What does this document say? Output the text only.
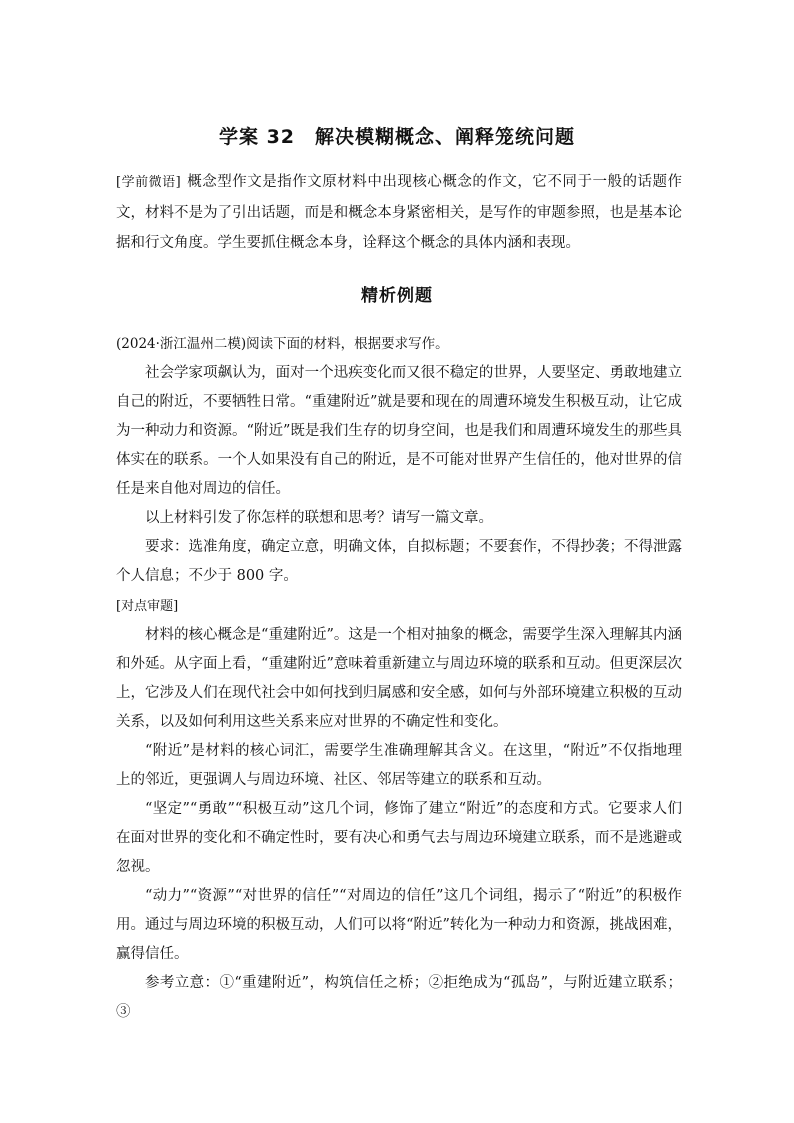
学案 32 解决模糊概念、阐释笼统问题
[学前微语] 概念型作文是指作文原材料中出现核心概念的作文，它不同于一般的话题作文，材料不是为了引出话题，而是和概念本身紧密相关，是写作的审题参照，也是基本论据和行文角度。学生要抓住概念本身，诠释这个概念的具体内涵和表现。
精析例题

(2024·浙江温州二模)阅读下面的材料，根据要求写作。

社会学家项飙认为，面对一个迅疾变化而又很不稳定的世界，人要坚定、勇敢地建立自己的附近，不要牺牲日常。“重建附近”就是要和现在的周遭环境发生积极互动，让它成为一种动力和资源。“附近”既是我们生存的切身空间，也是我们和周遭环境发生的那些具体实在的联系。一个人如果没有自己的附近，是不可能对世界产生信任的，他对世界的信任是来自他对周边的信任。

以上材料引发了你怎样的联想和思考？请写一篇文章。

要求：选准角度，确定立意，明确文体，自拟标题；不要套作，不得抄袭；不得泄露个人信息；不少于 800 字。

[对点审题]

材料的核心概念是“重建附近”。这是一个相对抽象的概念，需要学生深入理解其内涵和外延。从字面上看，“重建附近”意味着重新建立与周边环境的联系和互动。但更深层次上，它涉及人们在现代社会中如何找到归属感和安全感，如何与外部环境建立积极的互动关系，以及如何利用这些关系来应对世界的不确定性和变化。

“附近”是材料的核心词汇，需要学生准确理解其含义。在这里，“附近”不仅指地理上的邻近，更强调人与周边环境、社区、邻居等建立的联系和互动。

“坚定”“勇敢”“积极互动”这几个词，修饰了建立“附近”的态度和方式。它要求人们在面对世界的变化和不确定性时，要有决心和勇气去与周边环境建立联系，而不是逃避或忽视。

“动力”“资源”“对世界的信任”“对周边的信任”这几个词组，揭示了“附近”的积极作用。通过与周边环境的积极互动，人们可以将“附近”转化为一种动力和资源，挑战困难，赢得信任。

参考立意：①“重建附近”，构筑信任之桥；②拒绝成为“孤岛”，与附近建立联系；③
